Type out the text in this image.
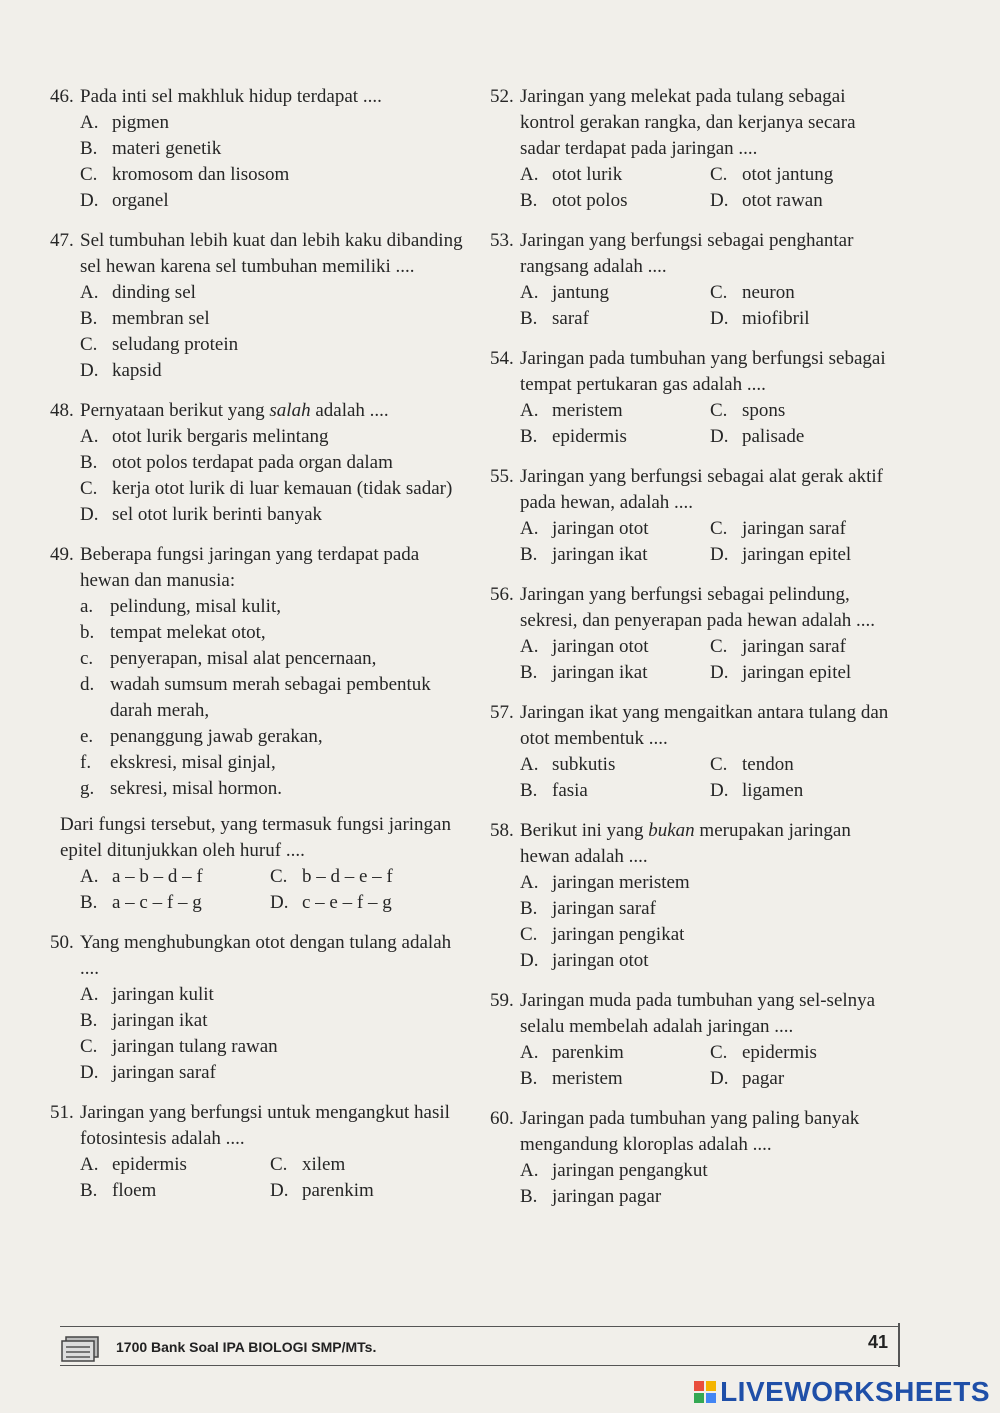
46. Pada inti sel makhluk hidup terdapat ....
A. pigmen
B. materi genetik
C. kromosom dan lisosom
D. organel
47. Sel tumbuhan lebih kuat dan lebih kaku dibanding sel hewan karena sel tumbuhan memiliki ....
A. dinding sel
B. membran sel
C. seludang protein
D. kapsid
48. Pernyataan berikut yang salah adalah ....
A. otot lurik bergaris melintang
B. otot polos terdapat pada organ dalam
C. kerja otot lurik di luar kemauan (tidak sadar)
D. sel otot lurik berinti banyak
49. Beberapa fungsi jaringan yang terdapat pada hewan dan manusia:
a. pelindung, misal kulit,
b. tempat melekat otot,
c. penyerapan, misal alat pencernaan,
d. wadah sumsum merah sebagai pembentuk darah merah,
e. penanggung jawab gerakan,
f. ekskresi, misal ginjal,
g. sekresi, misal hormon.
Dari fungsi tersebut, yang termasuk fungsi jaringan epitel ditunjukkan oleh huruf ....
A. a – b – d – f	C. b – d – e – f
B. a – c – f – g	D. c – e – f – g
50. Yang menghubungkan otot dengan tulang adalah ....
A. jaringan kulit
B. jaringan ikat
C. jaringan tulang rawan
D. jaringan saraf
51. Jaringan yang berfungsi untuk mengangkut hasil fotosintesis adalah ....
A. epidermis	C. xilem
B. floem	D. parenkim
52. Jaringan yang melekat pada tulang sebagai kontrol gerakan rangka, dan kerjanya secara sadar terdapat pada jaringan ....
A. otot lurik	C. otot jantung
B. otot polos	D. otot rawan
53. Jaringan yang berfungsi sebagai penghantar rangsang adalah ....
A. jantung	C. neuron
B. saraf	D. miofibril
54. Jaringan pada tumbuhan yang berfungsi sebagai tempat pertukaran gas adalah ....
A. meristem	C. spons
B. epidermis	D. palisade
55. Jaringan yang berfungsi sebagai alat gerak aktif pada hewan, adalah ....
A. jaringan otot	C. jaringan saraf
B. jaringan ikat	D. jaringan epitel
56. Jaringan yang berfungsi sebagai pelindung, sekresi, dan penyerapan pada hewan adalah ....
A. jaringan otot	C. jaringan saraf
B. jaringan ikat	D. jaringan epitel
57. Jaringan ikat yang mengaitkan antara tulang dan otot membentuk ....
A. subkutis	C. tendon
B. fasia	D. ligamen
58. Berikut ini yang bukan merupakan jaringan hewan adalah ....
A. jaringan meristem
B. jaringan saraf
C. jaringan pengikat
D. jaringan otot
59. Jaringan muda pada tumbuhan yang sel-selnya selalu membelah adalah jaringan ....
A. parenkim	C. epidermis
B. meristem	D. pagar
60. Jaringan pada tumbuhan yang paling banyak mengandung kloroplas adalah ....
A. jaringan pengangkut
B. jaringan pagar
1700 Bank Soal IPA BIOLOGI SMP/MTs.	41
LIVEWORKSHEETS
